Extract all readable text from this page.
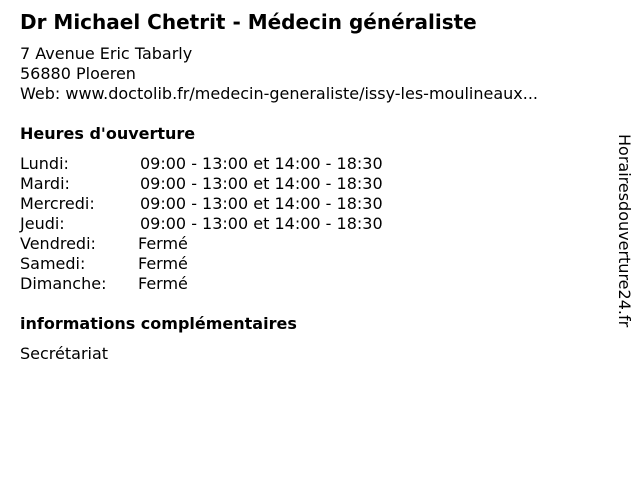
Dr Michael Chetrit - Médecin généraliste
7 Avenue Eric Tabarly
56880 Ploeren
Web: www.doctolib.fr/medecin-generaliste/issy-les-moulineaux...
Heures d'ouverture
Lundi:	09:00 - 13:00 et 14:00 - 18:30
Mardi:	09:00 - 13:00 et 14:00 - 18:30
Mercredi:	09:00 - 13:00 et 14:00 - 18:30
Jeudi:	09:00 - 13:00 et 14:00 - 18:30
Vendredi:	Fermé
Samedi:	Fermé
Dimanche: Fermé
informations complémentaires
Secrétariat
Horairesdouverture24.fr
